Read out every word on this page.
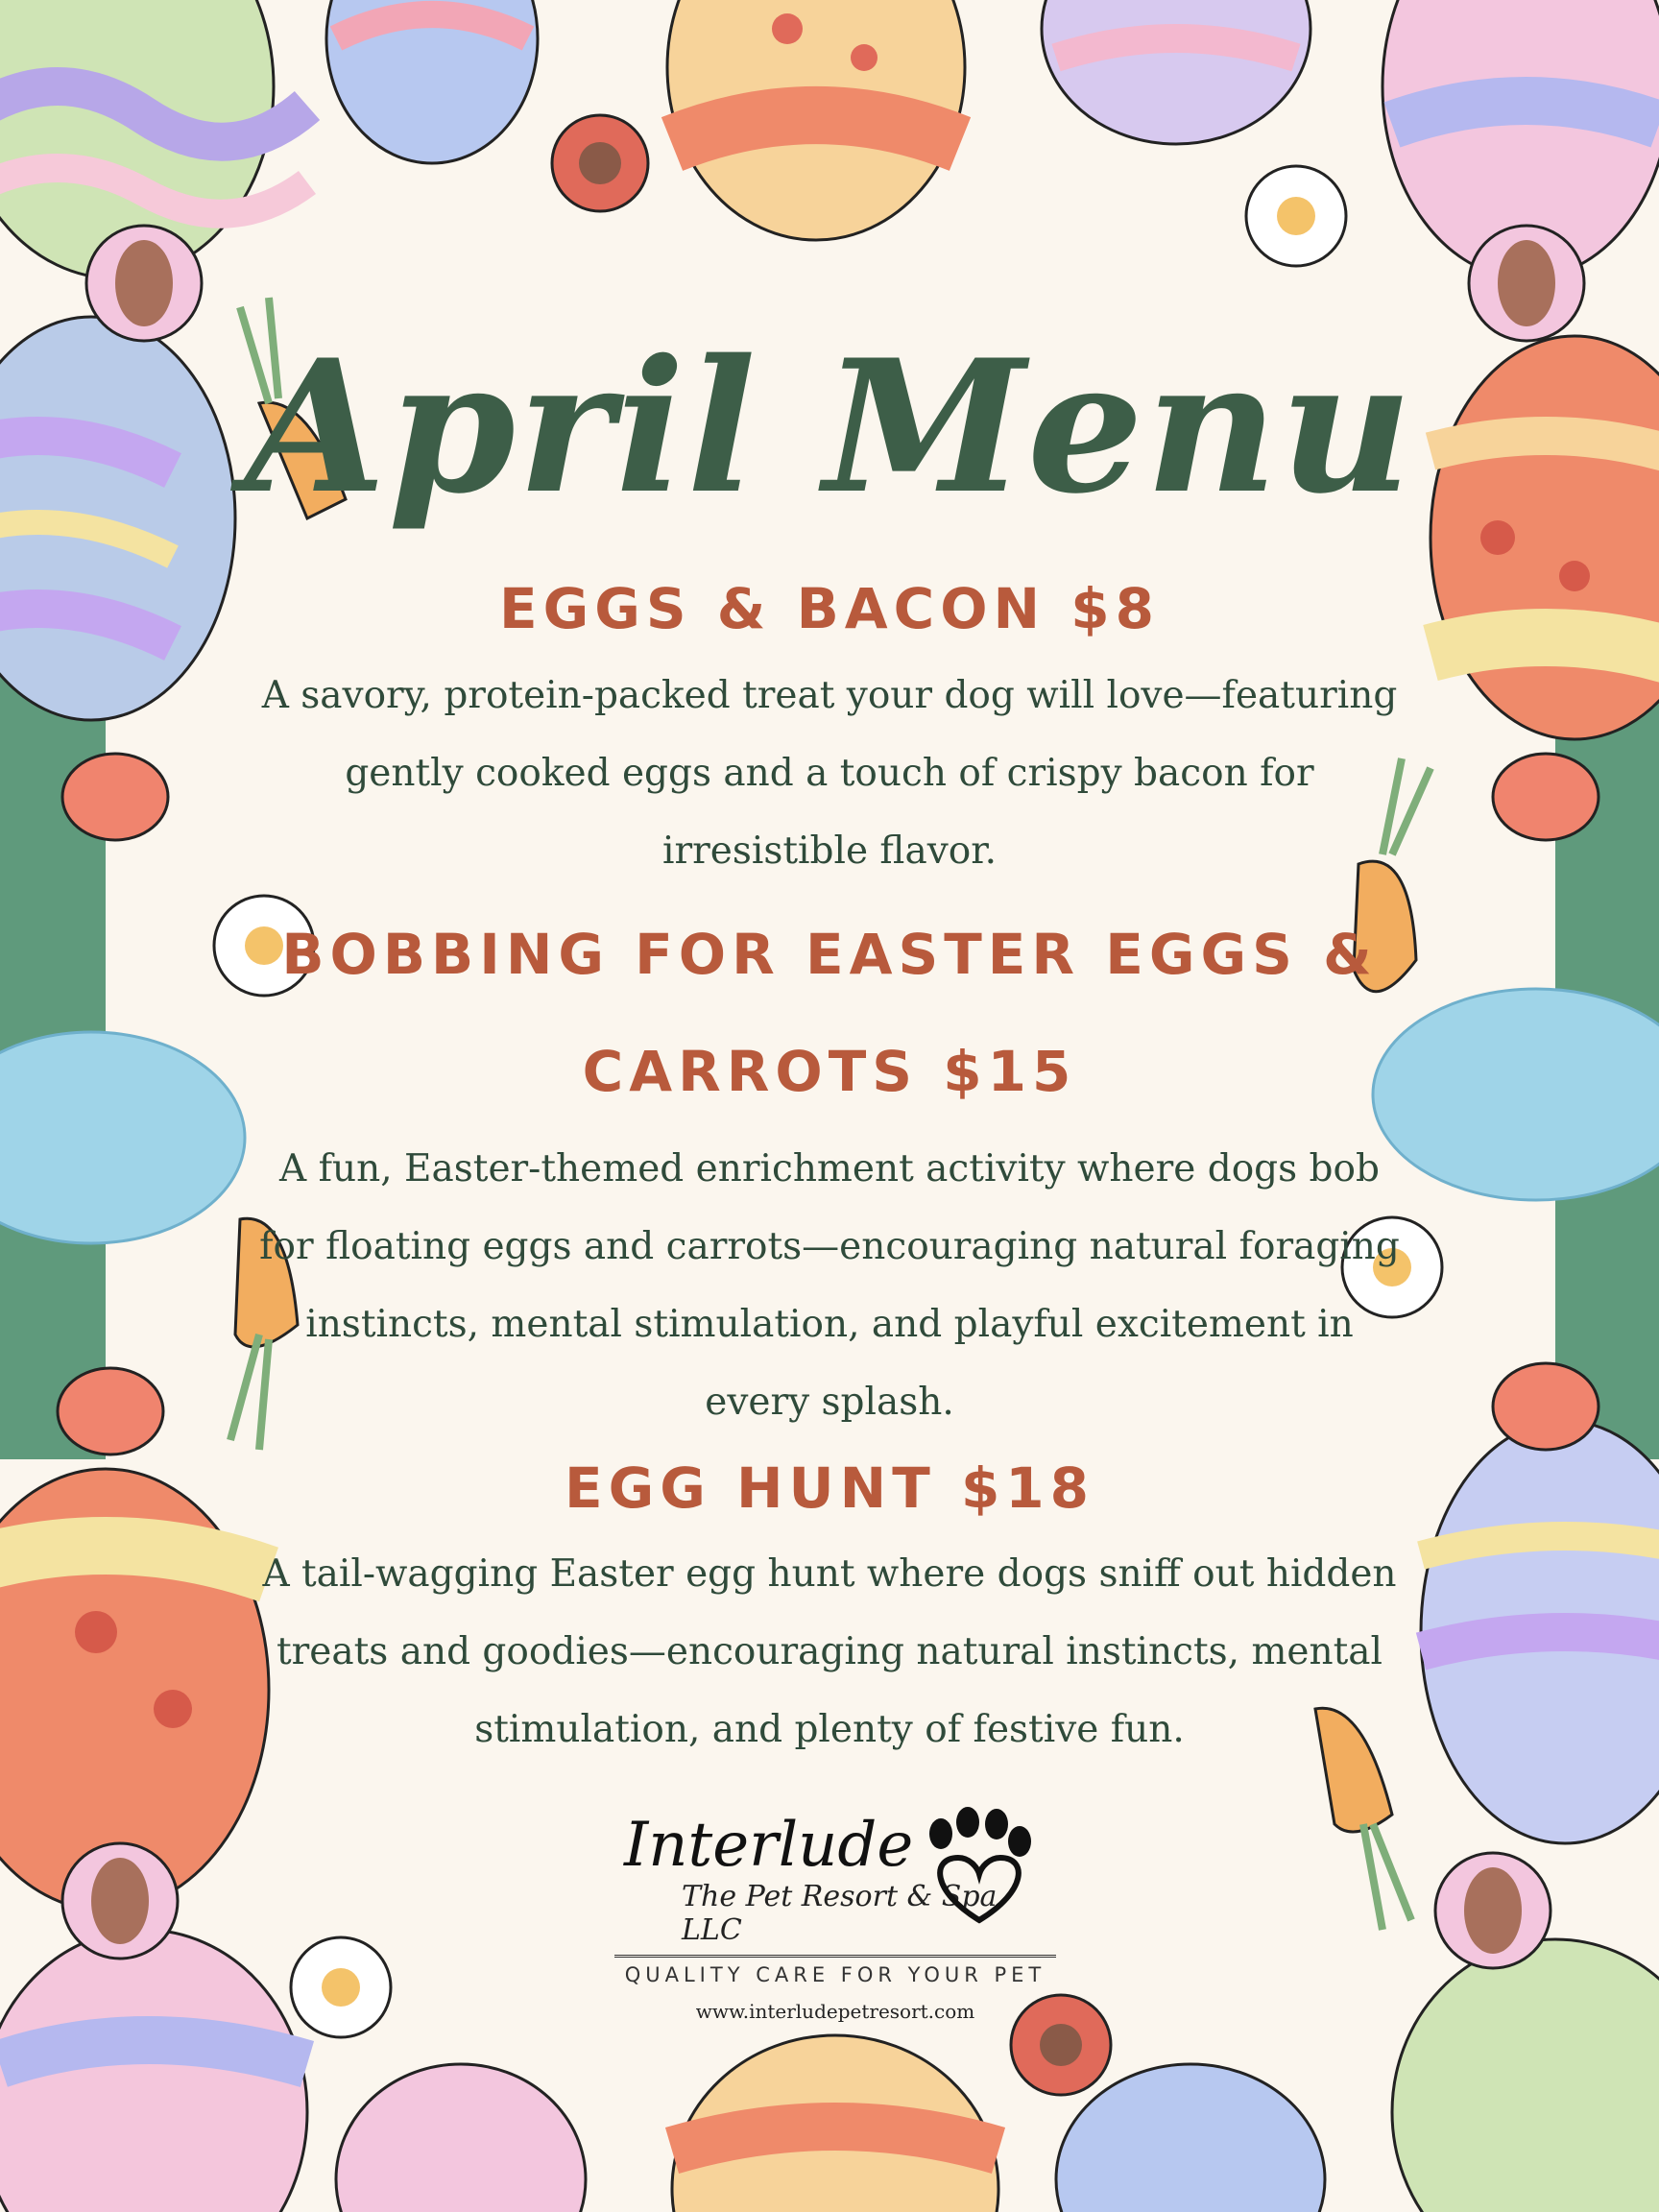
April Menu
EGGS & BACON $8

A savory, protein-packed treat your dog will love—featuring gently cooked eggs and a touch of crispy bacon for irresistible flavor.

BOBBING FOR EASTER EGGS & CARROTS $15

A fun, Easter-themed enrichment activity where dogs bob for floating eggs and carrots—encouraging natural foraging instincts, mental stimulation, and playful excitement in every splash.

EGG HUNT $18

A tail-wagging Easter egg hunt where dogs sniff out hidden treats and goodies—encouraging natural instincts, mental stimulation, and plenty of festive fun.

Interlude
The Pet Resort & Spa LLC
QUALITY CARE FOR YOUR PET
www.interludepetresort.com
